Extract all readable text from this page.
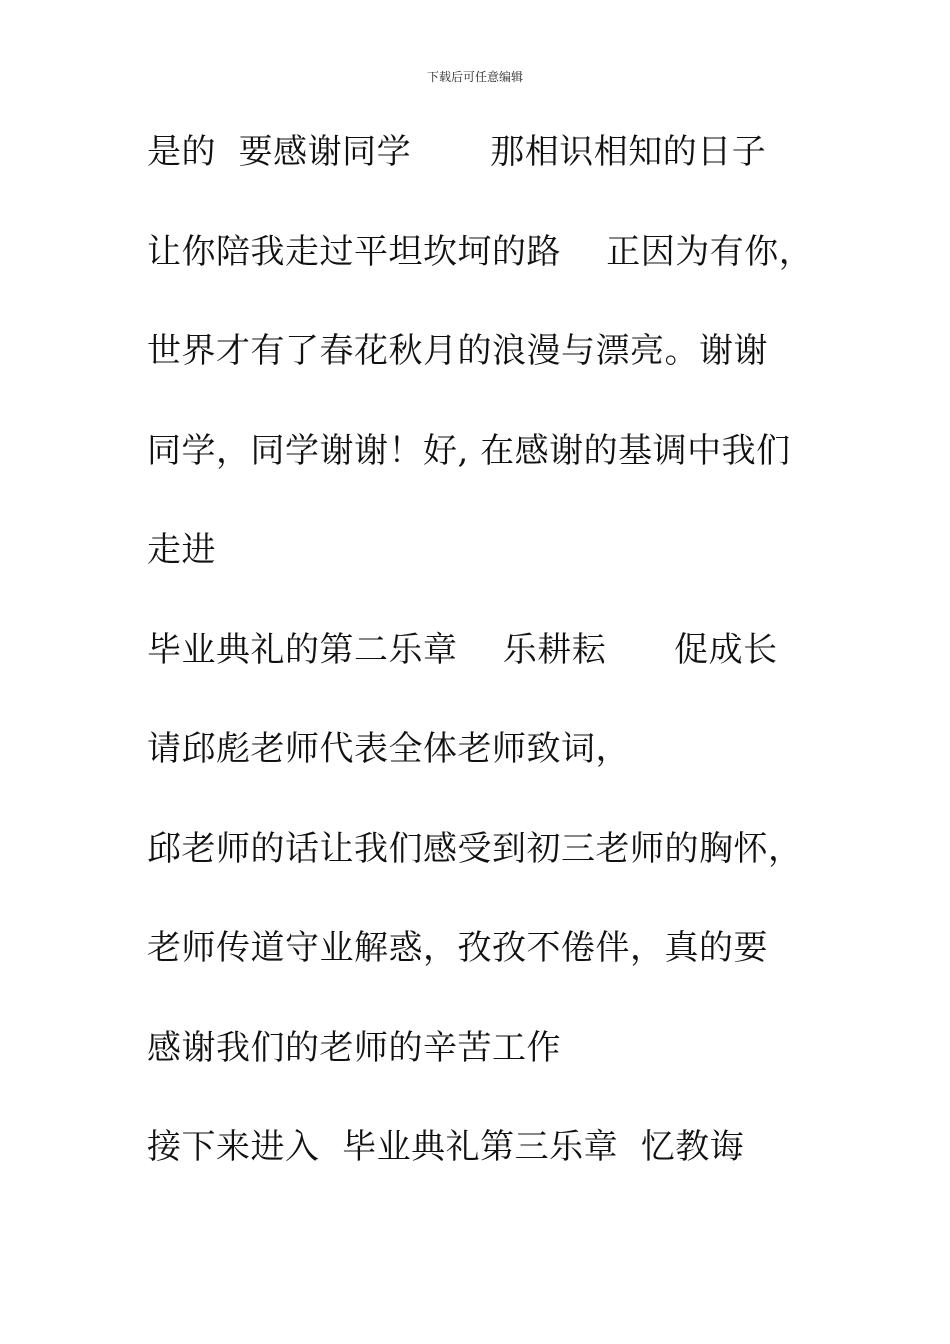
下载后可任意编辑
是的  要感谢同学       那相识相知的日子
让你陪我走过平坦坎坷的路    正因为有你，
世界才有了春花秋月的浪漫与漂亮。谢谢
同学，同学谢谢！好, 在感谢的基调中我们
走进
毕业典礼的第二乐章    乐耕耘      促成长
请邱彪老师代表全体老师致词，
邱老师的话让我们感受到初三老师的胸怀，
老师传道守业解惑，孜孜不倦伴，真的要
感谢我们的老师的辛苦工作
接下来进入  毕业典礼第三乐章  忆教诲
